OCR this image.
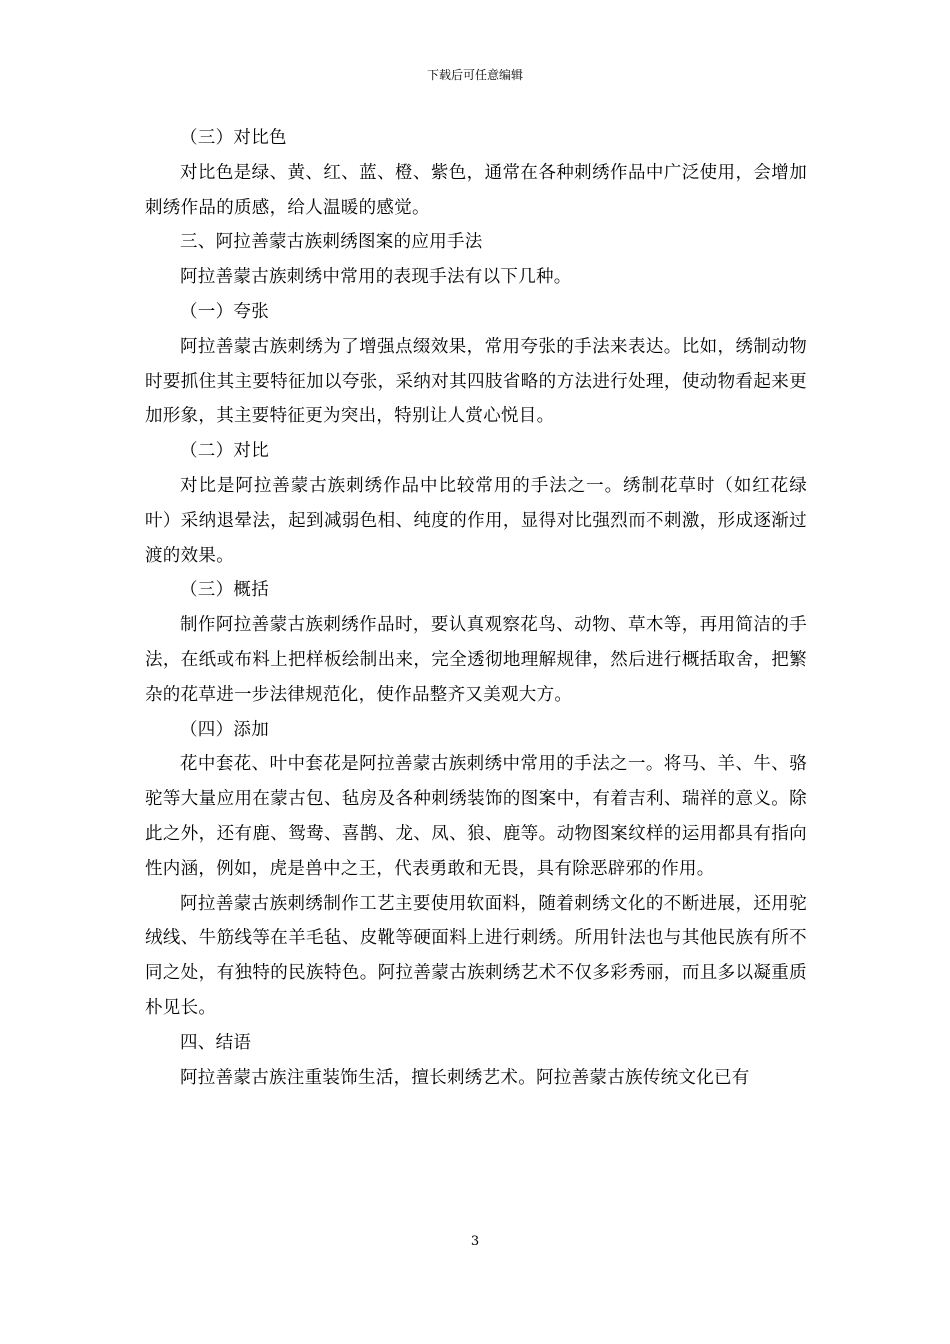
下载后可任意编辑

（三）对比色

对比色是绿、黄、红、蓝、橙、紫色，通常在各种刺绣作品中广泛使用，会增加刺绣作品的质感，给人温暖的感觉。

三、阿拉善蒙古族刺绣图案的应用手法

阿拉善蒙古族刺绣中常用的表现手法有以下几种。

（一）夸张

阿拉善蒙古族刺绣为了增强点缀效果，常用夸张的手法来表达。比如，绣制动物时要抓住其主要特征加以夸张，采纳对其四肢省略的方法进行处理，使动物看起来更加形象，其主要特征更为突出，特别让人赏心悦目。

（二）对比

对比是阿拉善蒙古族刺绣作品中比较常用的手法之一。绣制花草时（如红花绿叶）采纳退晕法，起到减弱色相、纯度的作用，显得对比强烈而不刺激，形成逐渐过渡的效果。

（三）概括

制作阿拉善蒙古族刺绣作品时，要认真观察花鸟、动物、草木等，再用简洁的手法，在纸或布料上把样板绘制出来，完全透彻地理解规律，然后进行概括取舍，把繁杂的花草进一步法律规范化，使作品整齐又美观大方。

（四）添加

花中套花、叶中套花是阿拉善蒙古族刺绣中常用的手法之一。将马、羊、牛、骆驼等大量应用在蒙古包、毡房及各种刺绣装饰的图案中，有着吉利、瑞祥的意义。除此之外，还有鹿、鸳鸯、喜鹊、龙、凤、狼、鹿等。动物图案纹样的运用都具有指向性内涵，例如，虎是兽中之王，代表勇敢和无畏，具有除恶辟邪的作用。

阿拉善蒙古族刺绣制作工艺主要使用软面料，随着刺绣文化的不断进展，还用驼绒线、牛筋线等在羊毛毡、皮靴等硬面料上进行刺绣。所用针法也与其他民族有所不同之处，有独特的民族特色。阿拉善蒙古族刺绣艺术不仅多彩秀丽，而且多以凝重质朴见长。

四、结语

阿拉善蒙古族注重装饰生活，擅长刺绣艺术。阿拉善蒙古族传统文化已有

3
